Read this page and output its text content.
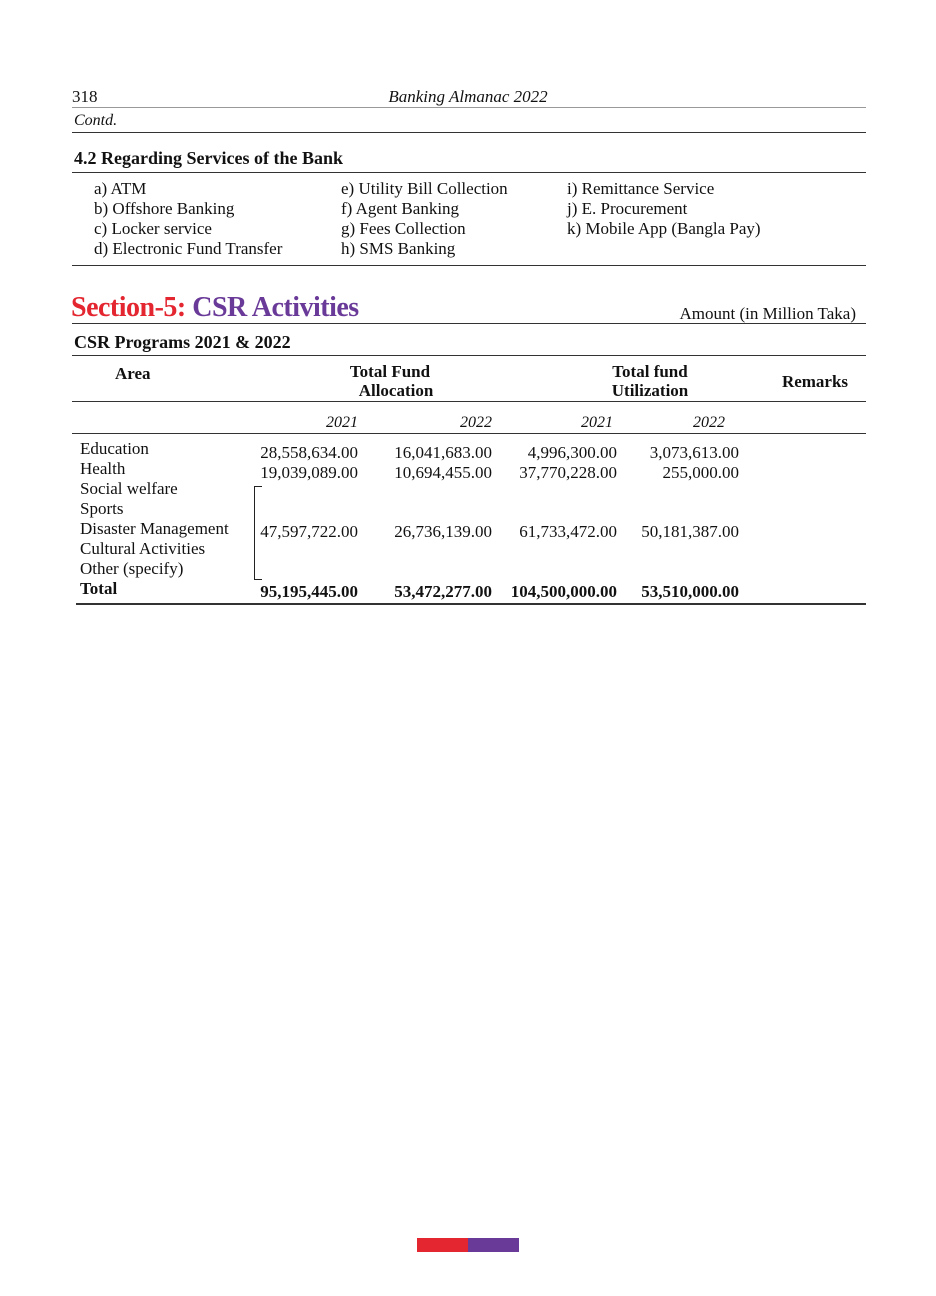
318	Banking Almanac 2022
Contd.
4.2 Regarding Services of the Bank
a) ATM
b) Offshore Banking
c) Locker service
d) Electronic Fund Transfer
e) Utility Bill Collection
f) Agent Banking
g) Fees Collection
h) SMS Banking
i) Remittance Service
j) E. Procurement
k) Mobile App (Bangla Pay)
Section-5: CSR Activities	Amount (in Million Taka)
CSR Programs 2021 & 2022
Area	Total Fund
Allocation
Total fund
Utilization	Remarks
2021	2022	2021	2022
Education	28,558,634.00	16,041,683.00	4,996,300.00	3,073,613.00
Health	19,039,089.00	10,694,455.00	37,770,228.00	255,000.00
Social welfare
Sports
Disaster Management
Cultural Activities
Other (specify)
47,597,722.00	26,736,139.00	61,733,472.00	50,181,387.00
Total	95,195,445.00	53,472,277.00	104,500,000.00	53,510,000.00
